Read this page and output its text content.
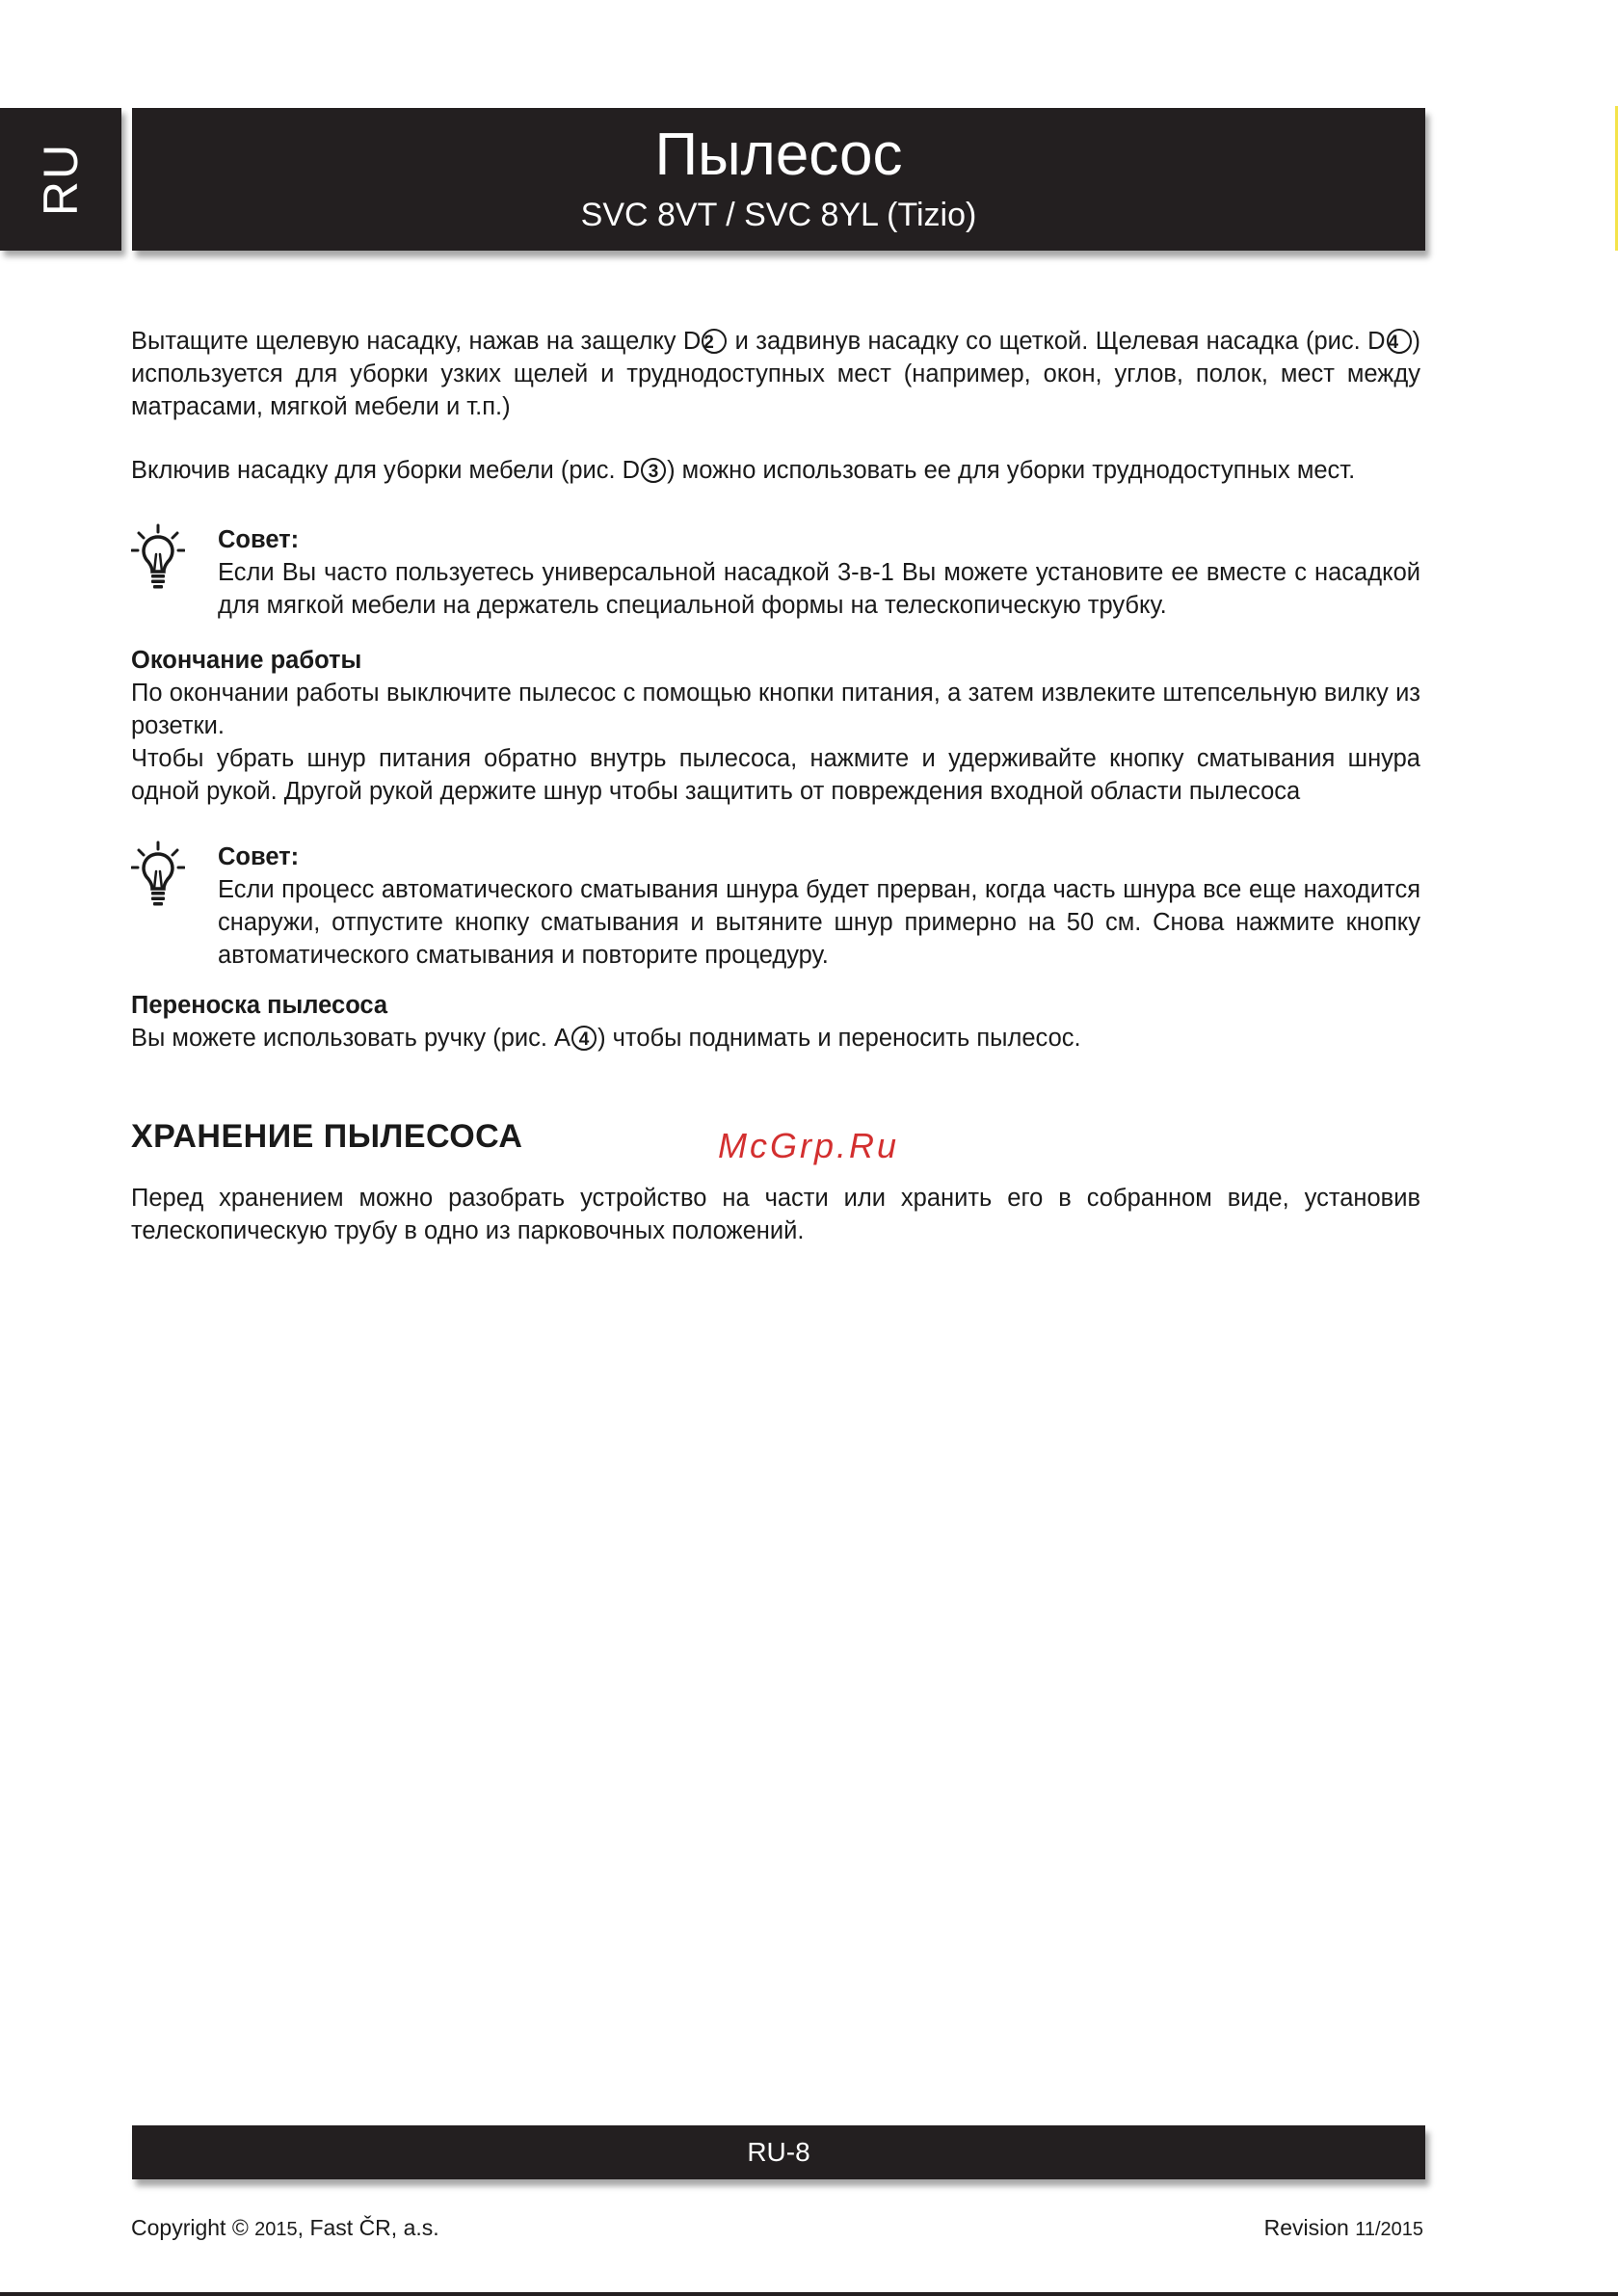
RU	Пылесос
SVC 8VT / SVC 8YL (Tizio)

Вытащите щелевую насадку, нажав на защелку D 2 и задвинув насадку со щеткой. Щелевая насадка (рис. D 4 ) используется для уборки узких щелей и труднодоступных мест (например, окон, углов, полок, мест между матрасами, мягкой мебели и т.п.)

Включив насадку для уборки мебели (рис. D 3 ) можно использовать ее для уборки труднодоступных мест.

Совет:

Если Вы часто пользуетесь универсальной насадкой 3-в-1 Вы можете установите ее вместе с насадкой для мягкой мебели на держатель специальной формы на телескопическую трубку.

Окончание работы

По окончании работы выключите пылесос с помощью кнопки питания, а затем извлеките штепсельную вилку из розетки.

Чтобы убрать шнур питания обратно внутрь пылесоса, нажмите и удерживайте кнопку сматывания шнура одной рукой. Другой рукой держите шнур чтобы защитить от повреждения входной области пылесоса

Совет:

Если процесс автоматического сматывания шнура будет прерван, когда часть шнура все еще находится снаружи, отпустите кнопку сматывания и вытяните шнур примерно на 50 см. Снова нажмите кнопку автоматического сматывания и повторите процедуру.

Переноска пылесоса

Вы можете использовать ручку (рис. А 4 ) чтобы поднимать и переносить пылесос.

ХРАНЕНИЕ ПЫЛЕСОСА	McGrp.Ru

Перед хранением можно разобрать устройство на части или хранить его в собранном виде, установив телескопическую трубу в одно из парковочных положений.

RU-8
Copyright © 2015, Fast ČR, a.s.	Revision 11/2015
